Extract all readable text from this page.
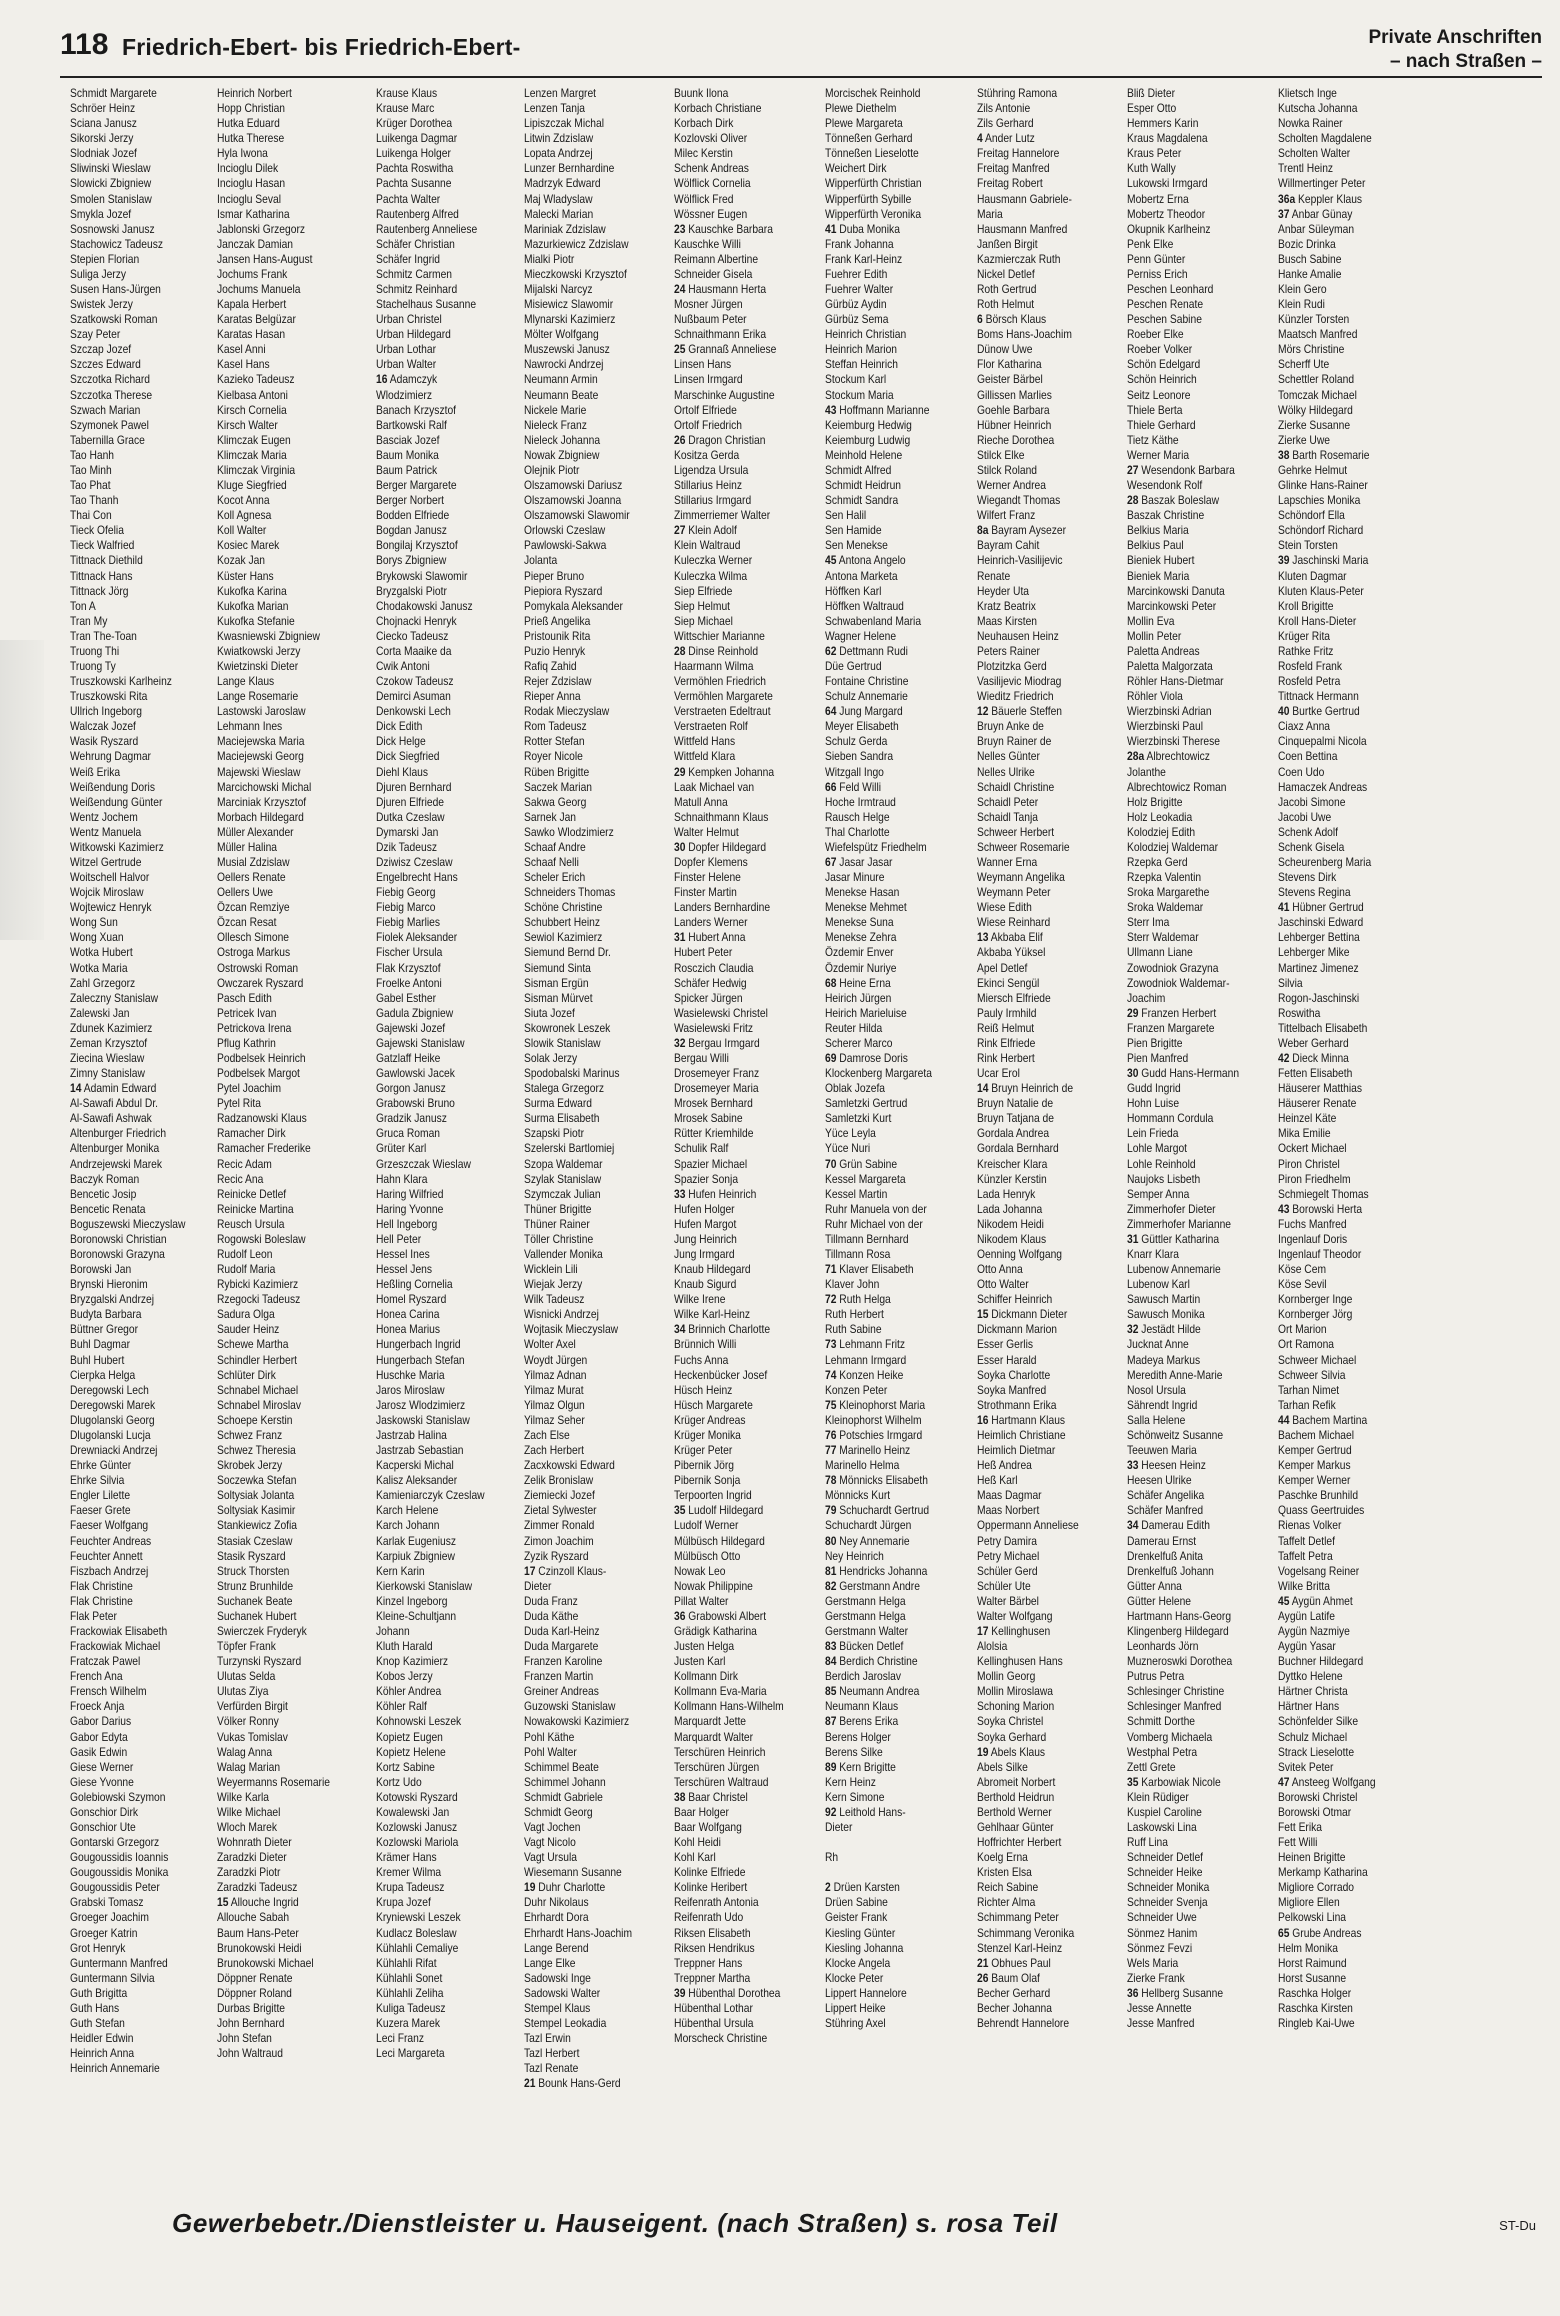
118 Friedrich-Ebert- bis Friedrich-Ebert-	Private Anschriften
– nach Straßen –
Schmidt Margarete
Schröer Heinz
Sciana Janusz
Sikorski Jerzy
Slodniak Jozef
Sliwinski Wieslaw
Slowicki Zbigniew
Smolen Stanislaw
Smykla Jozef
Sosnowski Janusz
Stachowicz Tadeusz
Stepien Florian
Suliga Jerzy
Susen Hans-Jürgen
Swistek Jerzy
Szatkowski Roman
Szay Peter
Szczap Jozef
Szczes Edward
Szczotka Richard
Szczotka Therese
Szwach Marian
Szymonek Pawel
Tabernilla Grace
Tao Hanh
Tao Minh
Tao Phat
Tao Thanh
Thai Con
Tieck Ofelia
Tieck Walfried
Tittnack Diethild
Tittnack Hans
Tittnack Jörg
Ton A
Tran My
Tran The-Toan
Truong Thi
Truong Ty
Truszkowski Karlheinz
Truszkowski Rita
Ullrich Ingeborg
Walczak Jozef
Wasik Ryszard
Wehrung Dagmar
Weiß Erika
Weißendung Doris
Weißendung Günter
Wentz Jochem
Wentz Manuela
Witkowski Kazimierz
Witzel Gertrude
Woitschell Halvor
Wojcik Miroslaw
Wojtewicz Henryk
Wong Sun
Wong Xuan
Wotka Hubert
Wotka Maria
Zahl Grzegorz
Zaleczny Stanislaw
Zalewski Jan
Zdunek Kazimierz
Zeman Krzysztof
Ziecina Wieslaw
Zimny Stanislaw
14 Adamin Edward
Al-Sawafi Abdul Dr.
Al-Sawafi Ashwak
Altenburger Friedrich
Altenburger Monika
Andrzejewski Marek
Baczyk Roman
Bencetic Josip
Bencetic Renata
Boguszewski Mieczyslaw
Boronowski Christian
Boronowski Grazyna
Borowski Jan
Brynski Hieronim
Bryzgalski Andrzej
Budyta Barbara
Büttner Gregor
Buhl Dagmar
Buhl Hubert
Cierpka Helga
Deregowski Lech
Deregowski Marek
Dlugolanski Georg
Dlugolanski Lucja
Drewniacki Andrzej
Ehrke Günter
Ehrke Silvia
Engler Lilette
Faeser Grete
Faeser Wolfgang
Feuchter Andreas
Feuchter Annett
Fiszbach Andrzej
Flak Christine
Flak Christine
Flak Peter
Frackowiak Elisabeth
Frackowiak Michael
Fratczak Pawel
French Ana
Frensch Wilhelm
Froeck Anja
Gabor Darius
Gabor Edyta
Gasik Edwin
Giese Werner
Giese Yvonne
Golebiowski Szymon
Gonschior Dirk
Gonschior Ute
Gontarski Grzegorz
Gougoussidis Ioannis
Gougoussidis Monika
Gougoussidis Peter
Grabski Tomasz
Groeger Joachim
Groeger Katrin
Grot Henryk
Guntermann Manfred
Guntermann Silvia
Guth Brigitta
Guth Hans
Guth Stefan
Heidler Edwin
Heinrich Anna
Heinrich Annemarie
Heinrich Norbert
Hopp Christian
Hutka Eduard
Hutka Therese
Hyla Iwona
Incioglu Dilek
Incioglu Hasan
Incioglu Seval
Ismar Katharina
Jablonski Grzegorz
Janczak Damian
Jansen Hans-August
Jochums Frank
Jochums Manuela
Kapala Herbert
Karatas Belgüzar
Karatas Hasan
Kasel Anni
Kasel Hans
Kazieko Tadeusz
Kielbasa Antoni
Kirsch Cornelia
Kirsch Walter
Klimczak Eugen
Klimczak Maria
Klimczak Virginia
Kluge Siegfried
Kocot Anna
Koll Agnesa
Koll Walter
Kosiec Marek
Kozak Jan
Küster Hans
Kukofka Karina
Kukofka Marian
Kukofka Stefanie
Kwasniewski Zbigniew
Kwiatkowski Jerzy
Kwietzinski Dieter
Lange Klaus
Lange Rosemarie
Lastowski Jaroslaw
Lehmann Ines
Maciejewska Maria
Maciejewski Georg
Majewski Wieslaw
Marcichowski Michal
Marciniak Krzysztof
Morbach Hildegard
Müller Alexander
Müller Halina
Musial Zdzislaw
Oellers Renate
Oellers Uwe
Özcan Remziye
Özcan Resat
Ollesch Simone
Ostroga Markus
Ostrowski Roman
Owczarek Ryszard
Pasch Edith
Petricek Ivan
Petrickova Irena
Pflug Kathrin
Podbelsek Heinrich
Podbelsek Margot
Pytel Joachim
Pytel Rita
Radzanowski Klaus
Ramacher Dirk
Ramacher Frederike
Recic Adam
Recic Ana
Reinicke Detlef
Reinicke Martina
Reusch Ursula
Rogowski Boleslaw
Rudolf Leon
Rudolf Maria
Rybicki Kazimierz
Rzegocki Tadeusz
Sadura Olga
Sauder Heinz
Schewe Martha
Schindler Herbert
Schlüter Dirk
Schnabel Michael
Schnabel Miroslav
Schoepe Kerstin
Schwez Franz
Schwez Theresia
Skrobek Jerzy
Soczewka Stefan
Soltysiak Jolanta
Soltysiak Kasimir
Stankiewicz Zofia
Stasiak Czeslaw
Stasik Ryszard
Struck Thorsten
Strunz Brunhilde
Suchanek Beate
Suchanek Hubert
Swierczek Fryderyk
Töpfer Frank
Turzynski Ryszard
Ulutas Selda
Ulutas Ziya
Verfürden Birgit
Völker Ronny
Vukas Tomislav
Walag Anna
Walag Marian
Weyermanns Rosemarie
Wilke Karla
Wilke Michael
Wloch Marek
Wohnrath Dieter
Zaradzki Dieter
Zaradzki Piotr
Zaradzki Tadeusz
15 Allouche Ingrid
Allouche Sabah
Baum Hans-Peter
Brunokowski Heidi
Brunokowski Michael
Döppner Renate
Döppner Roland
Durbas Brigitte
John Bernhard
John Stefan
John Waltraud
Krause Klaus
Krause Marc
Krüger Dorothea
Luikenga Dagmar
Luikenga Holger
Pachta Roswitha
Pachta Susanne
Pachta Walter
Rautenberg Alfred
Rautenberg Anneliese
Schäfer Christian
Schäfer Ingrid
Schmitz Carmen
Schmitz Reinhard
Stachelhaus Susanne
Urban Christel
Urban Hildegard
Urban Lothar
Urban Walter
16 Adamczyk
Wlodzimierz
Banach Krzysztof
Bartkowski Ralf
Basciak Jozef
Baum Monika
Baum Patrick
Berger Margarete
Berger Norbert
Bodden Elfriede
Bogdan Janusz
Bongilaj Krzysztof
Borys Zbigniew
Brykowski Slawomir
Bryzgalski Piotr
Chodakowski Janusz
Chojnacki Henryk
Ciecko Tadeusz
Corta Maaike da
Cwik Antoni
Czokow Tadeusz
Demirci Asuman
Denkowski Lech
Dick Edith
Dick Helge
Dick Siegfried
Diehl Klaus
Djuren Bernhard
Djuren Elfriede
Dutka Czeslaw
Dymarski Jan
Dzik Tadeusz
Dziwisz Czeslaw
Engelbrecht Hans
Fiebig Georg
Fiebig Marco
Fiebig Marlies
Fiolek Aleksander
Fischer Ursula
Flak Krzysztof
Froelke Antoni
Gabel Esther
Gadula Zbigniew
Gajewski Jozef
Gajewski Stanislaw
Gatzlaff Heike
Gawlowski Jacek
Gorgon Janusz
Grabowski Bruno
Gradzik Janusz
Gruca Roman
Grüter Karl
Grzeszczak Wieslaw
Hahn Klara
Haring Wilfried
Haring Yvonne
Hell Ingeborg
Hell Peter
Hessel Ines
Hessel Jens
Heßling Cornelia
Homel Ryszard
Honea Carina
Honea Marius
Hungerbach Ingrid
Hungerbach Stefan
Huschke Maria
Jaros Miroslaw
Jarosz Wlodzimierz
Jaskowski Stanislaw
Jastrzab Halina
Jastrzab Sebastian
Kacperski Michal
Kalisz Aleksander
Kamieniarczyk Czeslaw
Karch Helene
Karch Johann
Karlak Eugeniusz
Karpiuk Zbigniew
Kern Karin
Kierkowski Stanislaw
Kinzel Ingeborg
Kleine-Schultjann
Johann
Kluth Harald
Knop Kazimierz
Kobos Jerzy
Köhler Andrea
Köhler Ralf
Kohnowski Leszek
Kopietz Eugen
Kopietz Helene
Kortz Sabine
Kortz Udo
Kotowski Ryszard
Kowalewski Jan
Kozlowski Janusz
Kozlowski Mariola
Krämer Hans
Kremer Wilma
Krupa Tadeusz
Krupa Jozef
Kryniewski Leszek
Kudlacz Boleslaw
Kühlahli Cemaliye
Kühlahli Rifat
Kühlahli Sonet
Kühlahli Zeliha
Kuliga Tadeusz
Kuzera Marek
Leci Franz
Leci Margareta
Lenzen Margret
Lenzen Tanja
Lipiszczak Michal
Litwin Zdzislaw
Lopata Andrzej
Lunzer Bernhardine
Madrzyk Edward
Maj Wladyslaw
Malecki Marian
Mariniak Zdzislaw
Mazurkiewicz Zdzislaw
Mialki Piotr
Mieczkowski Krzysztof
Mijalski Narcyz
Misiewicz Slawomir
Mlynarski Kazimierz
Mölter Wolfgang
Muszewski Janusz
Nawrocki Andrzej
Neumann Armin
Neumann Beate
Nickele Marie
Nieleck Franz
Nieleck Johanna
Nowak Zbigniew
Olejnik Piotr
Olszamowski Dariusz
Olszamowski Joanna
Olszamowski Slawomir
Orlowski Czeslaw
Pawlowski-Sakwa
Jolanta
Pieper Bruno
Piepiora Ryszard
Pomykala Aleksander
Prieß Angelika
Pristounik Rita
Puzio Henryk
Rafiq Zahid
Rejer Zdzislaw
Rieper Anna
Rodak Mieczyslaw
Rom Tadeusz
Rotter Stefan
Royer Nicole
Rüben Brigitte
Saczek Marian
Sakwa Georg
Sarnek Jan
Sawko Wlodzimierz
Schaaf Andre
Schaaf Nelli
Scheler Erich
Schneiders Thomas
Schöne Christine
Schubbert Heinz
Sewiol Kazimierz
Siemund Bernd Dr.
Siemund Sinta
Sisman Ergün
Sisman Mürvet
Siuta Jozef
Skowronek Leszek
Slowik Stanislaw
Solak Jerzy
Spodobalski Marinus
Stalega Grzegorz
Surma Edward
Surma Elisabeth
Szapski Piotr
Szelerski Bartlomiej
Szopa Waldemar
Szylak Stanislaw
Szymczak Julian
Thüner Brigitte
Thüner Rainer
Töller Christine
Vallender Monika
Wicklein Lili
Wiejak Jerzy
Wilk Tadeusz
Wisnicki Andrzej
Wojtasik Mieczyslaw
Wolter Axel
Woydt Jürgen
Yilmaz Adnan
Yilmaz Murat
Yilmaz Olgun
Yilmaz Seher
Zach Else
Zach Herbert
Zacxkowski Edward
Zelik Bronislaw
Ziemiecki Jozef
Zietal Sylwester
Zimmer Ronald
Zimon Joachim
Zyzik Ryszard
17 Czinzoll Klaus-
Dieter
Duda Franz
Duda Käthe
Duda Karl-Heinz
Duda Margarete
Franzen Karoline
Franzen Martin
Greiner Andreas
Guzowski Stanislaw
Nowakowski Kazimierz
Pohl Käthe
Pohl Walter
Schimmel Beate
Schimmel Johann
Schmidt Gabriele
Schmidt Georg
Vagt Jochen
Vagt Nicolo
Vagt Ursula
Wiesemann Susanne
19 Duhr Charlotte
Duhr Nikolaus
Ehrhardt Dora
Ehrhardt Hans-Joachim
Lange Berend
Lange Elke
Sadowski Inge
Sadowski Walter
Stempel Klaus
Stempel Leokadia
Tazl Erwin
Tazl Herbert
Tazl Renate
21 Bounk Hans-Gerd
Buunk Ilona
Korbach Christiane
Korbach Dirk
Kozlovski Oliver
Milec Kerstin
Schenk Andreas
Wölflick Cornelia
Wölflick Fred
Wössner Eugen
23 Kauschke Barbara
Kauschke Willi
Reimann Albertine
Schneider Gisela
24 Hausmann Herta
Mosner Jürgen
Nußbaum Peter
Schnaithmann Erika
25 Grannaß Anneliese
Linsen Hans
Linsen Irmgard
Marschinke Augustine
Ortolf Elfriede
Ortolf Friedrich
26 Dragon Christian
Kositza Gerda
Ligendza Ursula
Stillarius Heinz
Stillarius Irmgard
Zimmerriemer Walter
27 Klein Adolf
Klein Waltraud
Kuleczka Werner
Kuleczka Wilma
Siep Elfriede
Siep Helmut
Siep Michael
Wittschier Marianne
28 Dinse Reinhold
Haarmann Wilma
Vermöhlen Friedrich
Vermöhlen Margarete
Verstraeten Edeltraut
Verstraeten Rolf
Wittfeld Hans
Wittfeld Klara
29 Kempken Johanna
Laak Michael van
Matull Anna
Schnaithmann Klaus
Walter Helmut
30 Dopfer Hildegard
Dopfer Klemens
Finster Helene
Finster Martin
Landers Bernhardine
Landers Werner
31 Hubert Anna
Hubert Peter
Rosczich Claudia
Schäfer Hedwig
Spicker Jürgen
Wasielewski Christel
Wasielewski Fritz
32 Bergau Irmgard
Bergau Willi
Drosemeyer Franz
Drosemeyer Maria
Mrosek Bernhard
Mrosek Sabine
Rütter Kriemhilde
Schulik Ralf
Spazier Michael
Spazier Sonja
33 Hufen Heinrich
Hufen Holger
Hufen Margot
Jung Heinrich
Jung Irmgard
Knaub Hildegard
Knaub Sigurd
Wilke Irene
Wilke Karl-Heinz
34 Brinnich Charlotte
Brünnich Willi
Fuchs Anna
Heckenbücker Josef
Hüsch Heinz
Hüsch Margarete
Krüger Andreas
Krüger Monika
Krüger Peter
Pibernik Jörg
Pibernik Sonja
Terpoorten Ingrid
35 Ludolf Hildegard
Ludolf Werner
Mülbüsch Hildegard
Mülbüsch Otto
Nowak Leo
Nowak Philippine
Pillat Walter
36 Grabowski Albert
Grädigk Katharina
Justen Helga
Justen Karl
Kollmann Dirk
Kollmann Eva-Maria
Kollmann Hans-Wilhelm
Marquardt Jette
Marquardt Walter
Terschüren Heinrich
Terschüren Jürgen
Terschüren Waltraud
38 Baar Christel
Baar Holger
Baar Wolfgang
Kohl Heidi
Kohl Karl
Kolinke Elfriede
Kolinke Heribert
Reifenrath Antonia
Reifenrath Udo
Riksen Elisabeth
Riksen Hendrikus
Treppner Hans
Treppner Martha
39 Hübenthal Dorothea
Hübenthal Lothar
Hübenthal Ursula
Morscheck Christine
Morcischek Reinhold
Plewe Diethelm
Plewe Margareta
Tönneßen Gerhard
Tönneßen Lieselotte
Weichert Dirk
Wipperfürth Christian
Wipperfürth Sybille
Wipperfürth Veronika
41 Duba Monika
Frank Johanna
Frank Karl-Heinz
Fuehrer Edith
Fuehrer Walter
Gürbüz Aydin
Gürbüz Sema
Heinrich Christian
Heinrich Marion
Steffan Heinrich
Stockum Karl
Stockum Maria
43 Hoffmann Marianne
Keiemburg Hedwig
Keiemburg Ludwig
Meinhold Helene
Schmidt Alfred
Schmidt Heidrun
Schmidt Sandra
Sen Halil
Sen Hamide
Sen Menekse
45 Antona Angelo
Antona Marketa
Höffken Karl
Höffken Waltraud
Schwabenland Maria
Wagner Helene
62 Dettmann Rudi
Düe Gertrud
Fontaine Christine
Schulz Annemarie
64 Jung Margard
Meyer Elisabeth
Schulz Gerda
Sieben Sandra
Witzgall Ingo
66 Feld Willi
Hoche Irmtraud
Rausch Helge
Thal Charlotte
Wiefelspütz Friedhelm
67 Jasar Jasar
Jasar Minure
Menekse Hasan
Menekse Mehmet
Menekse Suna
Menekse Zehra
Özdemir Enver
Özdemir Nuriye
68 Heine Erna
Heirich Jürgen
Heirich Marieluise
Reuter Hilda
Scherer Marco
69 Damrose Doris
Klockenberg Margareta
Oblak Jozefa
Samletzki Gertrud
Samletzki Kurt
Yüce Leyla
Yüce Nuri
70 Grün Sabine
Kessel Margareta
Kessel Martin
Ruhr Manuela von der
Ruhr Michael von der
Tillmann Bernhard
Tillmann Rosa
71 Klaver Elisabeth
Klaver John
72 Ruth Helga
Ruth Herbert
Ruth Sabine
73 Lehmann Fritz
Lehmann Irmgard
74 Konzen Heike
Konzen Peter
75 Kleinophorst Maria
Kleinophorst Wilhelm
76 Potschies Irmgard
77 Marinello Heinz
Marinello Helma
78 Mönnicks Elisabeth
Mönnicks Kurt
79 Schuchardt Gertrud
Schuchardt Jürgen
80 Ney Annemarie
Ney Heinrich
81 Hendricks Johanna
82 Gerstmann Andre
Gerstmann Helga
Gerstmann Helga
Gerstmann Walter
83 Bücken Detlef
84 Berdich Christine
Berdich Jaroslav
85 Neumann Andrea
Neumann Klaus
87 Berens Erika
Berens Holger
Berens Silke
89 Kern Brigitte
Kern Heinz
Kern Simone
92 Leithold Hans-
Dieter
Rh
2 Drüen Karsten
Drüen Sabine
Geister Frank
Kiesling Günter
Kiesling Johanna
Klocke Angela
Klocke Peter
Lippert Hannelore
Lippert Heike
Stühring Axel
Stühring Ramona
Zils Antonie
Zils Gerhard
4 Ander Lutz
Freitag Hannelore
Freitag Manfred
Freitag Robert
Hausmann Gabriele-
Maria
Hausmann Manfred
Janßen Birgit
Kazmierczak Ruth
Nickel Detlef
Roth Gertrud
Roth Helmut
6 Börsch Klaus
Boms Hans-Joachim
Dünow Uwe
Flor Katharina
Geister Bärbel
Gillissen Marlies
Goehle Barbara
Hübner Heinrich
Rieche Dorothea
Stilck Elke
Stilck Roland
Werner Andrea
Wiegandt Thomas
Wilfert Franz
8a Bayram Aysezer
Bayram Cahit
Heinrich-Vasilijevic
Renate
Heyder Uta
Kratz Beatrix
Maas Kirsten
Neuhausen Heinz
Peters Rainer
Plotzitzka Gerd
Vasilijevic Miodrag
Wieditz Friedrich
12 Bäuerle Steffen
Bruyn Anke de
Bruyn Rainer de
Nelles Günter
Nelles Ulrike
Schaidl Christine
Schaidl Peter
Schaidl Tanja
Schweer Herbert
Schweer Rosemarie
Wanner Erna
Weymann Angelika
Weymann Peter
Wiese Edith
Wiese Reinhard
13 Akbaba Elif
Akbaba Yüksel
Apel Detlef
Ekinci Sengül
Miersch Elfriede
Pauly Irmhild
Reiß Helmut
Rink Elfriede
Rink Herbert
Ucar Erol
14 Bruyn Heinrich de
Bruyn Natalie de
Bruyn Tatjana de
Gordala Andrea
Gordala Bernhard
Kreischer Klara
Künzler Kerstin
Lada Henryk
Lada Johanna
Nikodem Heidi
Nikodem Klaus
Oenning Wolfgang
Otto Anna
Otto Walter
Schiffer Heinrich
15 Dickmann Dieter
Dickmann Marion
Esser Gerlis
Esser Harald
Soyka Charlotte
Soyka Manfred
Strothmann Erika
16 Hartmann Klaus
Heimlich Christiane
Heimlich Dietmar
Heß Andrea
Heß Karl
Maas Dagmar
Maas Norbert
Oppermann Anneliese
Petry Damira
Petry Michael
Schüler Gerd
Schüler Ute
Walter Bärbel
Walter Wolfgang
17 Kellinghusen
Alolsia
Kellinghusen Hans
Mollin Georg
Mollin Miroslawa
Schoning Marion
Soyka Christel
Soyka Gerhard
19 Abels Klaus
Abels Silke
Abromeit Norbert
Berthold Heidrun
Berthold Werner
Gehlhaar Günter
Hoffrichter Herbert
Koelg Erna
Kristen Elsa
Reich Sabine
Richter Alma
Schimmang Peter
Schimmang Veronika
Stenzel Karl-Heinz
21 Obhues Paul
26 Baum Olaf
Becher Gerhard
Becher Johanna
Behrendt Hannelore
Bliß Dieter
Esper Otto
Hemmers Karin
Kraus Magdalena
Kraus Peter
Kuth Wally
Lukowski Irmgard
Mobertz Erna
Mobertz Theodor
Okupnik Karlheinz
Penk Elke
Penn Günter
Perniss Erich
Peschen Leonhard
Peschen Renate
Peschen Sabine
Roeber Elke
Roeber Volker
Schön Edelgard
Schön Heinrich
Seitz Leonore
Thiele Berta
Thiele Gerhard
Tietz Käthe
Werner Maria
27 Wesendonk Barbara
Wesendonk Rolf
28 Baszak Boleslaw
Baszak Christine
Belkius Maria
Belkius Paul
Bieniek Hubert
Bieniek Maria
Marcinkowski Danuta
Marcinkowski Peter
Mollin Eva
Mollin Peter
Paletta Andreas
Paletta Malgorzata
Röhler Hans-Dietmar
Röhler Viola
Wierzbinski Adrian
Wierzbinski Paul
Wierzbinski Therese
28a Albrechtowicz
Jolanthe
Albrechtowicz Roman
Holz Brigitte
Holz Leokadia
Kolodziej Edith
Kolodziej Waldemar
Rzepka Gerd
Rzepka Valentin
Sroka Margarethe
Sroka Waldemar
Sterr Ima
Sterr Waldemar
Ullmann Liane
Zowodniok Grazyna
Zowodniok Waldemar-
Joachim
29 Franzen Herbert
Franzen Margarete
Pien Brigitte
Pien Manfred
30 Gudd Hans-Hermann
Gudd Ingrid
Hohn Luise
Hommann Cordula
Lein Frieda
Lohle Margot
Lohle Reinhold
Naujoks Lisbeth
Semper Anna
Zimmerhofer Dieter
Zimmerhofer Marianne
31 Güttler Katharina
Knarr Klara
Lubenow Annemarie
Lubenow Karl
Sawusch Martin
Sawusch Monika
32 Jestädt Hilde
Jucknat Anne
Madeya Markus
Meredith Anne-Marie
Nosol Ursula
Sährendt Ingrid
Salla Helene
Schönweitz Susanne
Teeuwen Maria
33 Heesen Heinz
Heesen Ulrike
Schäfer Angelika
Schäfer Manfred
34 Damerau Edith
Damerau Ernst
Drenkelfuß Anita
Drenkelfuß Johann
Gütter Anna
Gütter Helene
Hartmann Hans-Georg
Klingenberg Hildegard
Leonhards Jörn
Muzneroswki Dorothea
Putrus Petra
Schlesinger Christine
Schlesinger Manfred
Schmitt Dorthe
Vomberg Michaela
Westphal Petra
Zettl Grete
35 Karbowiak Nicole
Klein Rüdiger
Kuspiel Caroline
Laskowski Lina
Ruff Lina
Schneider Detlef
Schneider Heike
Schneider Monika
Schneider Svenja
Schneider Uwe
Sönmez Hanim
Sönmez Fevzi
Wels Maria
Zierke Frank
36 Hellberg Susanne
Jesse Annette
Jesse Manfred
Klietsch Inge
Kutscha Johanna
Nowka Rainer
Scholten Magdalene
Scholten Walter
Trentl Heinz
Willmertinger Peter
36a Keppler Klaus
37 Anbar Günay
Anbar Süleyman
Bozic Drinka
Busch Sabine
Hanke Amalie
Klein Gero
Klein Rudi
Künzler Torsten
Maatsch Manfred
Mörs Christine
Scherff Ute
Schettler Roland
Tomczak Michael
Wölky Hildegard
Zierke Susanne
Zierke Uwe
38 Barth Rosemarie
Gehrke Helmut
Glinke Hans-Rainer
Lapschies Monika
Schöndorf Ella
Schöndorf Richard
Stein Torsten
39 Jaschinski Maria
Kluten Dagmar
Kluten Klaus-Peter
Kroll Brigitte
Kroll Hans-Dieter
Krüger Rita
Rathke Fritz
Rosfeld Frank
Rosfeld Petra
Tittnack Hermann
40 Burtke Gertrud
Ciaxz Anna
Cinquepalmi Nicola
Coen Bettina
Coen Udo
Hamaczek Andreas
Jacobi Simone
Jacobi Uwe
Schenk Adolf
Schenk Gisela
Scheurenberg Maria
Stevens Dirk
Stevens Regina
41 Hübner Gertrud
Jaschinski Edward
Lehberger Bettina
Lehberger Mike
Martinez Jimenez
Silvia
Rogon-Jaschinski
Roswitha
Tittelbach Elisabeth
Weber Gerhard
42 Dieck Minna
Fetten Elisabeth
Häuserer Matthias
Häuserer Renate
Heinzel Käte
Mika Emilie
Ockert Michael
Piron Christel
Piron Friedhelm
Schmiegelt Thomas
43 Borowski Herta
Fuchs Manfred
Ingenlauf Doris
Ingenlauf Theodor
Köse Cem
Köse Sevil
Kornberger Inge
Kornberger Jörg
Ort Marion
Ort Ramona
Schweer Michael
Schweer Silvia
Tarhan Nimet
Tarhan Refik
44 Bachem Martina
Bachem Michael
Kemper Gertrud
Kemper Markus
Kemper Werner
Paschke Brunhild
Quass Geertruides
Rienas Volker
Taffelt Detlef
Taffelt Petra
Vogelsang Reiner
Wilke Britta
45 Aygün Ahmet
Aygün Latife
Aygün Nazmiye
Aygün Yasar
Buchner Hildegard
Dyttko Helene
Härtner Christa
Härtner Hans
Schönfelder Silke
Schulz Michael
Strack Lieselotte
Svitek Peter
47 Ansteeg Wolfgang
Borowski Christel
Borowski Otmar
Fett Erika
Fett Willi
Heinen Brigitte
Merkamp Katharina
Migliore Corrado
Migliore Ellen
Pelkowski Lina
65 Grube Andreas
Helm Monika
Horst Raimund
Horst Susanne
Raschka Holger
Raschka Kirsten
Ringleb Kai-Uwe
Gewerbebetr./Dienstleister u. Hauseigent. (nach Straßen) s. rosa Teil	ST-Du
